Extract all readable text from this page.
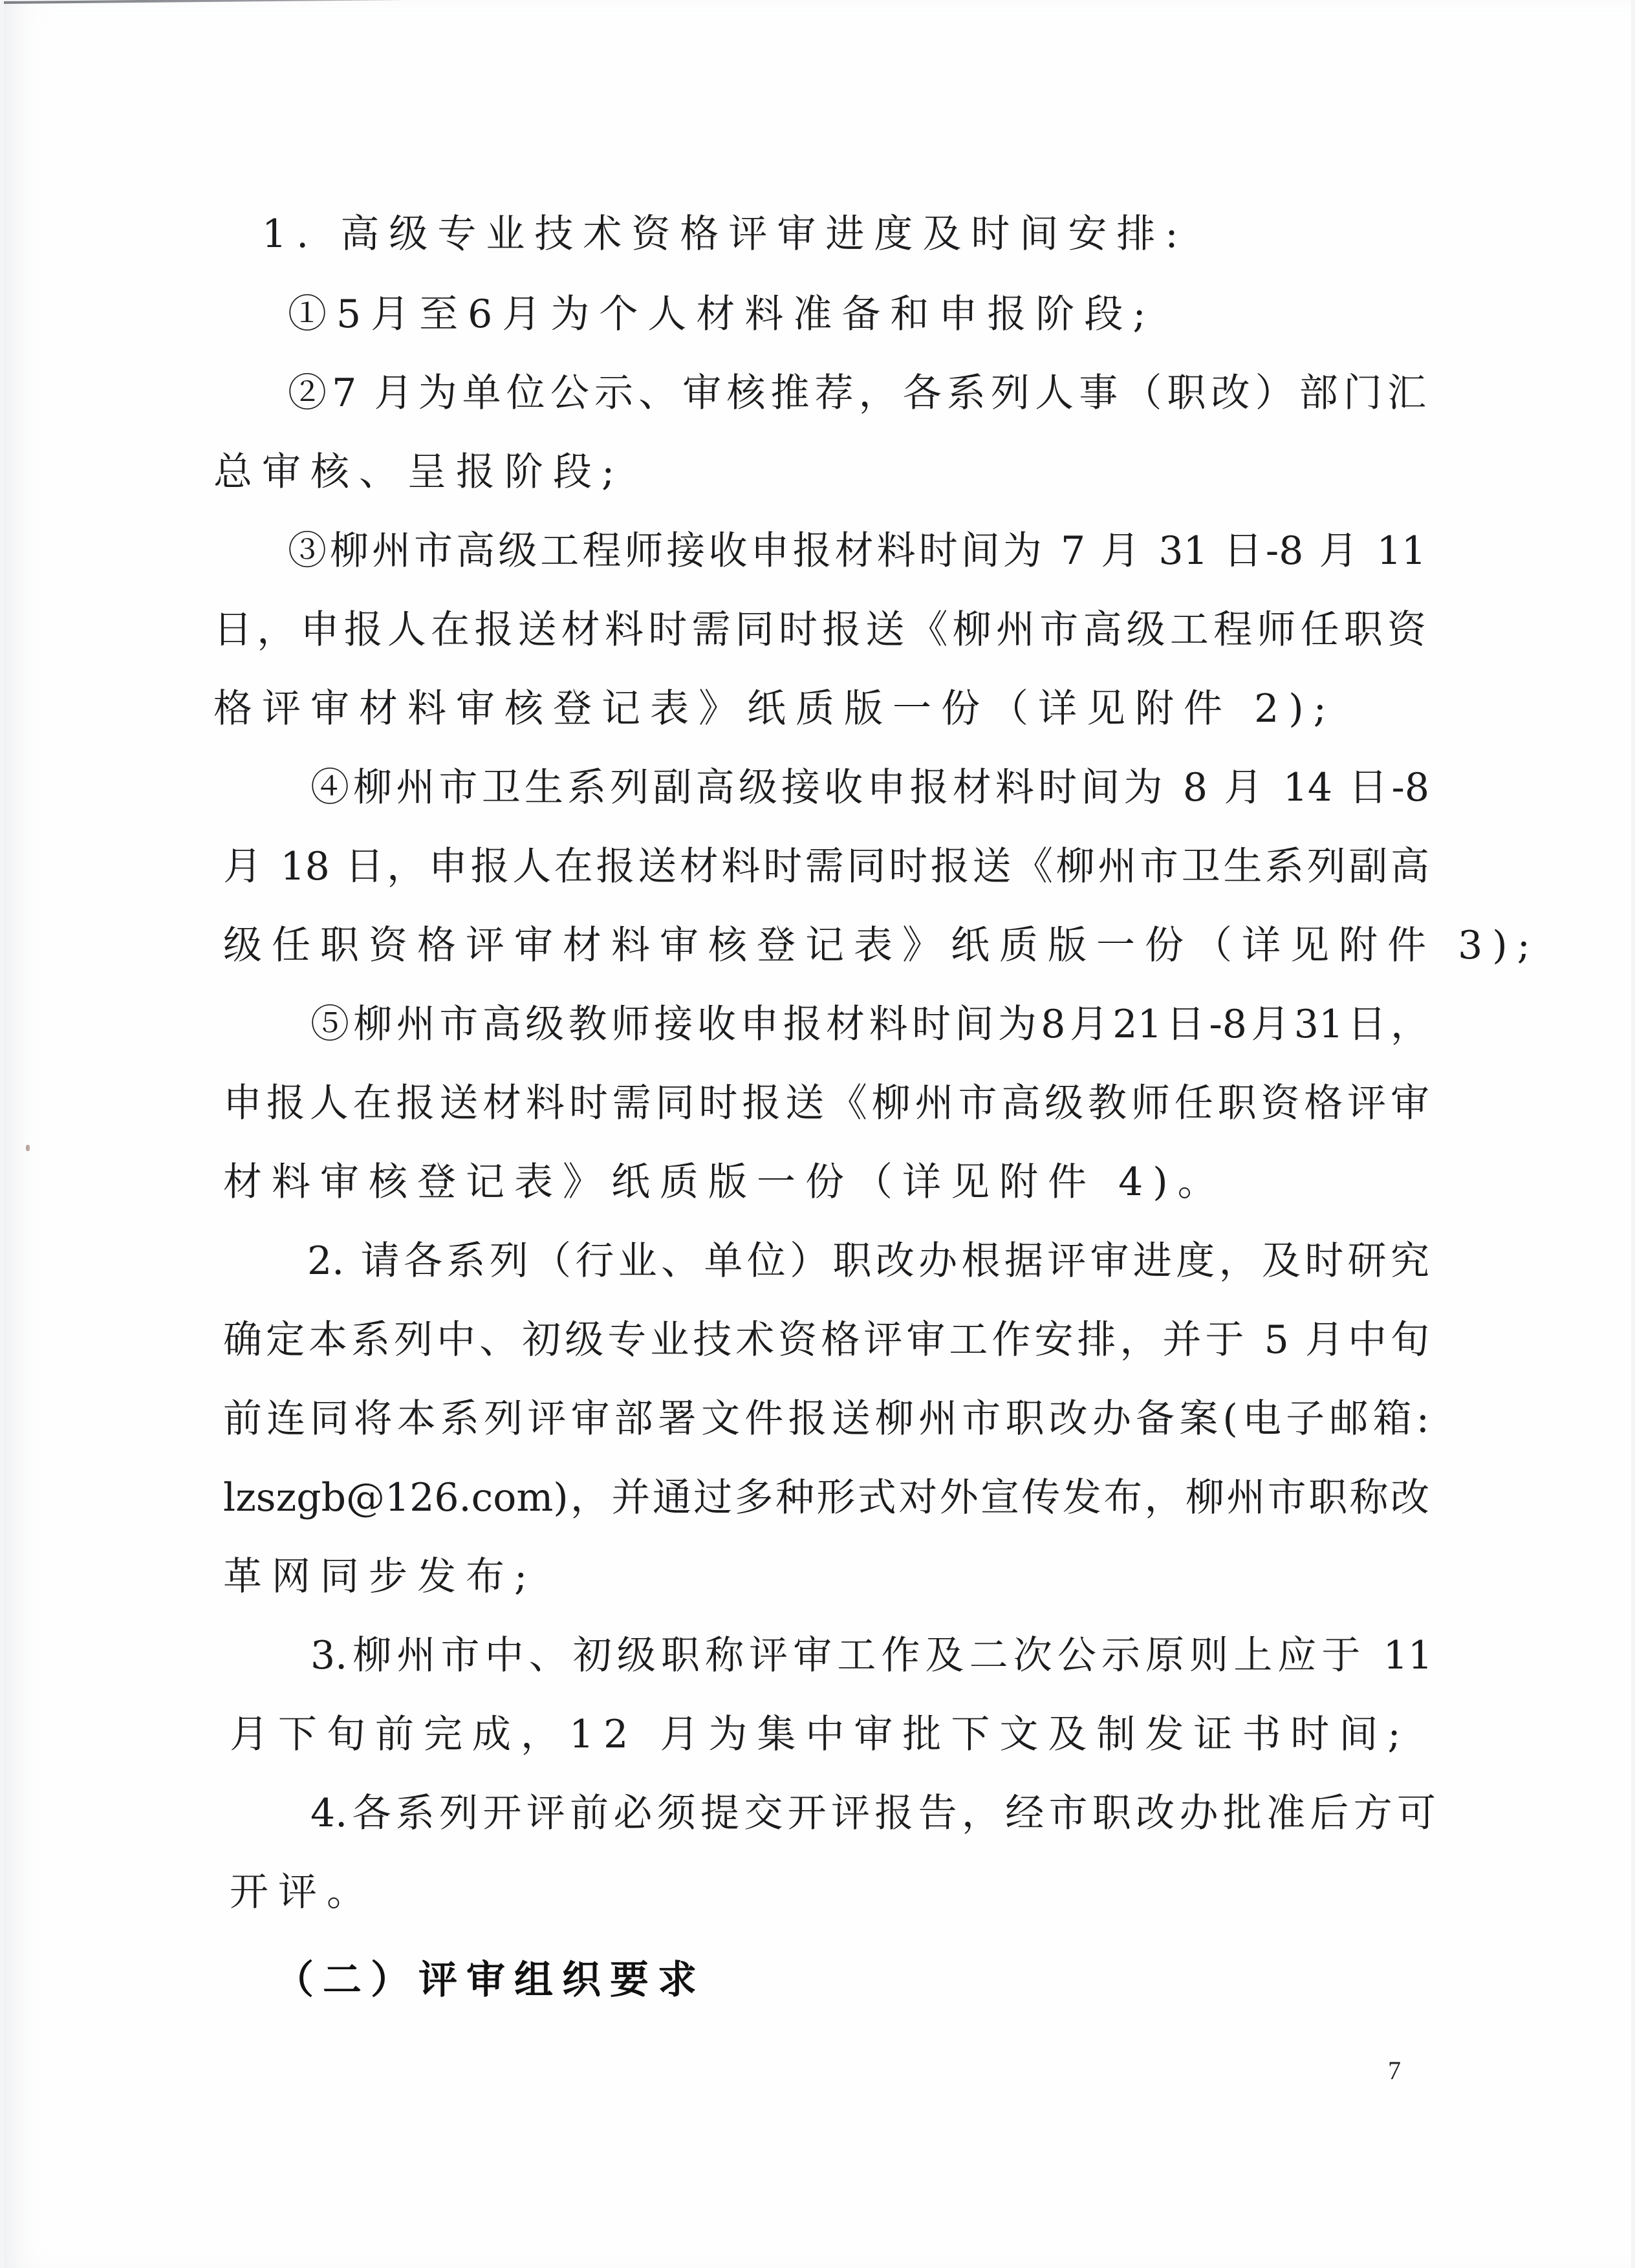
1. 高级专业技术资格评审进度及时间安排:
①5月至6月为个人材料准备和申报阶段;
②7 月为单位公示、审核推荐，各系列人事（职改）部门汇
总审核、呈报阶段;
③柳州市高级工程师接收申报材料时间为 7 月 31 日-8 月 11
日，申报人在报送材料时需同时报送《柳州市高级工程师任职资
格评审材料审核登记表》纸质版一份（详见附件 2);
④柳州市卫生系列副高级接收申报材料时间为 8 月 14 日-8
月 18 日，申报人在报送材料时需同时报送《柳州市卫生系列副高
级任职资格评审材料审核登记表》纸质版一份（详见附件 3);
⑤柳州市高级教师接收申报材料时间为8月21日-8月31日，
申报人在报送材料时需同时报送《柳州市高级教师任职资格评审
材料审核登记表》纸质版一份（详见附件 4)。
2. 请各系列（行业、单位）职改办根据评审进度，及时研究
确定本系列中、初级专业技术资格评审工作安排，并于 5 月中旬
前连同将本系列评审部署文件报送柳州市职改办备案(电子邮箱:
lzszgb@126.com)，并通过多种形式对外宣传发布，柳州市职称改
革网同步发布;
3.柳州市中、初级职称评审工作及二次公示原则上应于 11
月下旬前完成，12 月为集中审批下文及制发证书时间;
4.各系列开评前必须提交开评报告，经市职改办批准后方可
开评。
（二）评审组织要求
7
